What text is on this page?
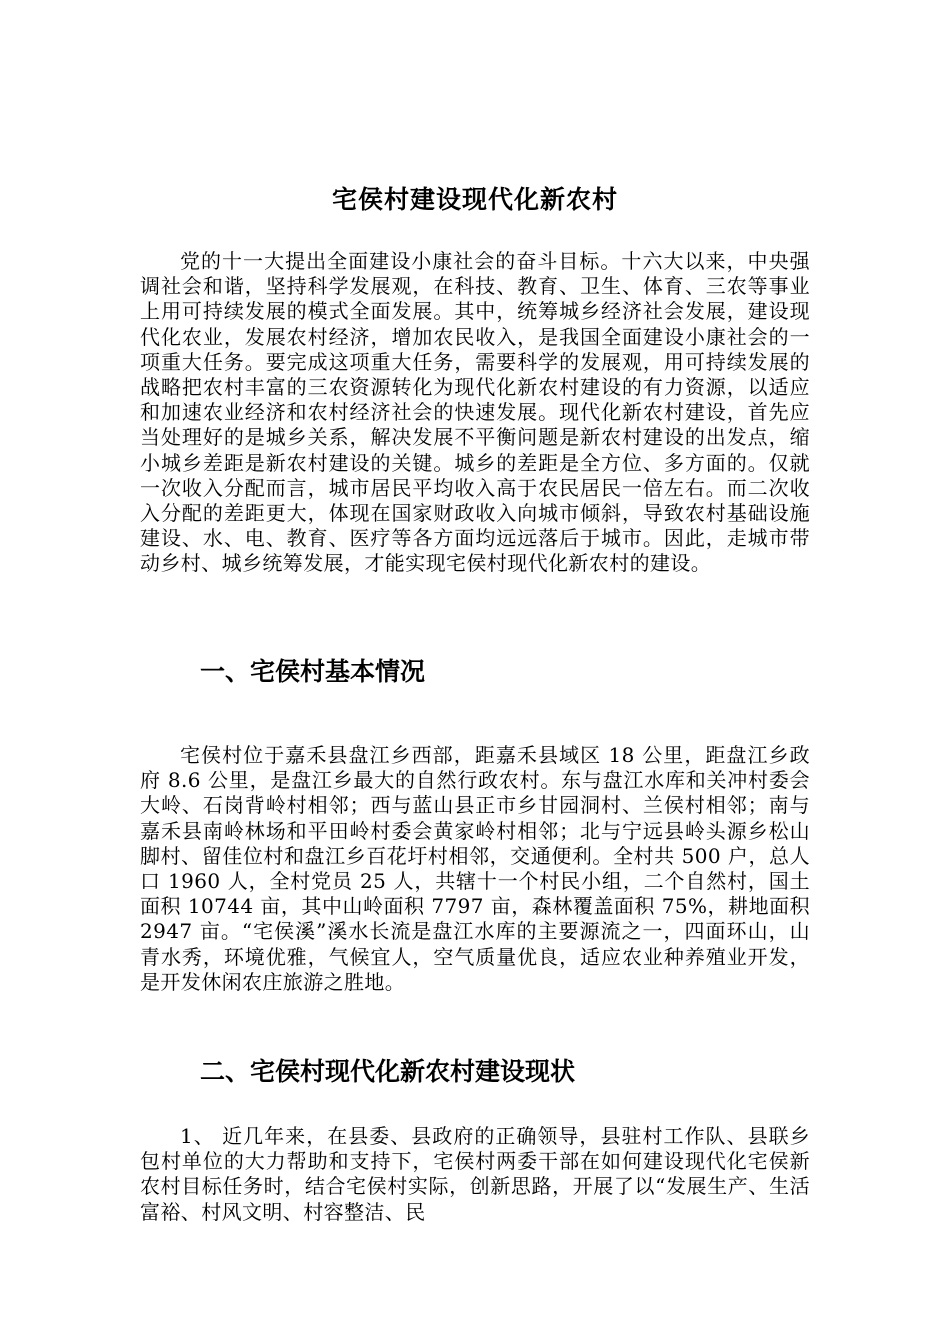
宅侯村建设现代化新农村

党的十一大提出全面建设小康社会的奋斗目标。十六大以来，中央强调社会和谐，坚持科学发展观，在科技、教育、卫生、体育、三农等事业上用可持续发展的模式全面发展。其中，统筹城乡经济社会发展，建设现代化农业，发展农村经济，增加农民收入，是我国全面建设小康社会的一项重大任务。要完成这项重大任务，需要科学的发展观，用可持续发展的战略把农村丰富的三农资源转化为现代化新农村建设的有力资源，以适应和加速农业经济和农村经济社会的快速发展。现代化新农村建设，首先应当处理好的是城乡关系，解决发展不平衡问题是新农村建设的出发点，缩小城乡差距是新农村建设的关键。城乡的差距是全方位、多方面的。仅就一次收入分配而言，城市居民平均收入高于农民居民一倍左右。而二次收入分配的差距更大，体现在国家财政收入向城市倾斜，导致农村基础设施建设、水、电、教育、医疗等各方面均远远落后于城市。因此，走城市带动乡村、城乡统筹发展，才能实现宅侯村现代化新农村的建设。

一、宅侯村基本情况

宅侯村位于嘉禾县盘江乡西部，距嘉禾县域区 18 公里，距盘江乡政府 8.6 公里，是盘江乡最大的自然行政农村。东与盘江水库和关冲村委会大岭、石岗背岭村相邻；西与蓝山县正市乡甘园洞村、兰侯村相邻；南与嘉禾县南岭林场和平田岭村委会黄家岭村相邻；北与宁远县岭头源乡松山脚村、留佳位村和盘江乡百花圩村相邻，交通便利。全村共 500 户，总人口 1960 人，全村党员 25 人，共辖十一个村民小组，二个自然村，国土面积 10744 亩，其中山岭面积 7797 亩，森林覆盖面积 75%，耕地面积 2947 亩。“宅侯溪”溪水长流是盘江水库的主要源流之一，四面环山，山青水秀，环境优雅，气候宜人，空气质量优良，适应农业种养殖业开发，是开发休闲农庄旅游之胜地。

二、宅侯村现代化新农村建设现状

1、 近几年来，在县委、县政府的正确领导，县驻村工作队、县联乡包村单位的大力帮助和支持下，宅侯村两委干部在如何建设现代化宅侯新农村目标任务时，结合宅侯村实际，创新思路，开展了以“发展生产、生活富裕、村风文明、村容整洁、民
